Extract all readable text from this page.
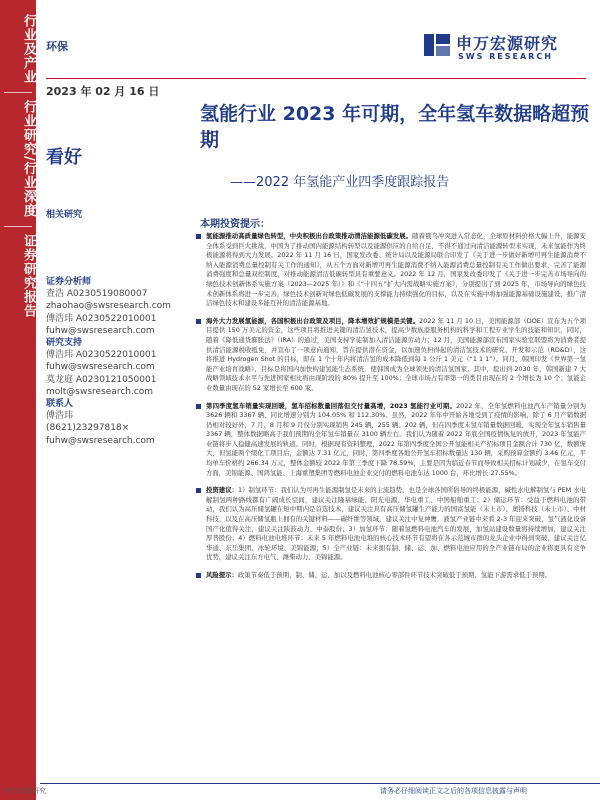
行业及产业
行业研究/行业深度
证券研究报告
环保	申万宏源研究
SWS RESEARCH
2023 年 02 月 16 日
看好
相关研究
氢能行业 2023 年可期，全年氢车数据略超预期
——2022 年氢能产业四季度跟踪报告
证券分析师
查浩 A0230519080007
zhaohao@swsresearch.com
傅浩玮 A0230522010001
fuhw@swsresearch.com
研究支持
傅浩玮 A0230522010001
fuhw@swsresearch.com
莫龙庭 A0230121050001
molt@swsresearch.com
联系人
傅浩玮
(8621)23297818×
fuhw@swsresearch.com
本期投资提示：
氢能源推动高质量绿色转型，中央积极出台政策推动清洁能源低碳发展。随着俄乌冲突进入常态化，全球原材料价格大幅上升，能源安全体系受到巨大挑战，中国为了推动国内能源结构转型以及能源供应的自给自足，不得不通过向清洁能源转型来实现，未来氢能作为终极能源将得到大力发展。2022 年 11 月 16 日，国家发改委、统计局以及能源局联合印发了《关于进一步做好新增可再生能源消费不纳入能源消费总量控制有关工作的通知》，从五个方面对新增可再生能源消费不纳入能源消费总量控制有关工作做出要求，完善了能源消费强度和总量双控制度，对推动能源清洁低碳转型具有重要意义。2022 年 12 月，国家发改委印发了《关于进一步完善市场导向的绿色技术创新体系实施方案（2023—2025 年）》和《“十四五”扩大内需战略实施方案》，分别提出了到 2025 年，市场导向的绿色技术创新体系将进一步完善，绿色技术创新对绿色低碳发展的支撑能力持续强化的目标，以及在实施中将加强能源基础设施建设，推广清洁绿色技术和建设多能互补的清洁能源基地。
海外大力发展氢能源，各国积极出台政策及项目，降本增效扩规模是关键。2022 年 11 月 10 日，美国能源部（DOE）宣布为五个项目提供 150 万美元的资金，这些项目将推进关键的清洁氢技术，提高少数族裔服务机构的科学和工程专业学生的技能和知识，同时，随着《降低通货膨胀法》（IRA）的通过，美国支持学徒制加入清洁能源劳动力；12 月，美国能源部宣布国家实验室联盟将为消费者提供清洁能源税收抵免，并宣布了一项意向通知，旨在提供潜在资金，以加速负担得起的清洁氢技术的研究、开发和示范（RD&D），这将推进 Hydrogen Shot 的目标，即在 1 个十年内将清洁氢的成本降低到每 1 公斤 1 美元（“1 1 1”）。同月，韩国印发《世界第一氢能产业培育战略》，目标是将国内加快构建氢能生态系统，使韩国成为全球领先的清洁氢国家。其中，提出到 2030 年，韩国新建 7 大战略领域技术水平与先进国家相比将由现阶段的 80% 提升至 100%；全球市场占有率第一的类目由现在的 2 个增长为 10 个；氢能企业数量由现在的 52 家增长至 600 家。
第四季度氢车销量实现回暖，氢车招标数量回落但交付量高增，2023 氢能行业可期。2022 年，全年氢燃料电池汽车产销量分别为 3626 辆和 3367 辆，同比增速分别为 104.05% 和 112.30%。虽然，2022 年年中开始各地受到了疫情的影响，除了 6 月产销数据仍相对较好外，7 月、8 月和 9 月仅分别实现销售 245 辆、255 辆、202 辆，但在四季度末氢车销量数据回暖，实现全年氢车销售量 3367 辆，整体数据略高于我们预期的全年氢车销量在 3100 辆左右。我们认为随着 2022 年底全国疫情恢复的放开，2023 年氢能产业链将步入稳健高速发展的轨道。同时，根据现有资料整理，2022 年第四季度全国公开氢能相关产招标项目金额合计 730 亿，数额庞大，但氢能两个缀化工项目后，金额达 7.31 亿元，同时，第四季度各地公开氢车招标数量达 130 辆，采购预算金额约 3.46 亿元，平均单车价格约 266.34 万元，整体金额较 2022 年第三季度下降 78.59%，主要是因为临近春节而导致相关招标计划减少，在氢车交付方面，美锦能源、国鸿氢能、上海重塑集团等燃料电池企业交付的燃料电池车达 1000 台，环比增长 27.55%。
投资建议：1）制氢环节：我们认为可再生能源制氢是未来的主流趋势，也是全球各国所倡导的终极能源，碱性水电解制氢与 PEM 水电解制氢两种路线都有广阔成长空间，建议关注隆基绿能、阳光电源、华电重工、中国船舶重工；2）储运环节：受益于燃料电池的带动，我们认为高压储氢罐在短中期内是首选技术，建议关注具有高压储氢罐生产能力的国富氢能（未上市）、奥扬科技（未上市）、中材科技，以及在高压储氢瓶上拥有的关键材料——碳纤维等领域，建议关注中复神鹰，液氢产业链中来看 2-3 年迎来突破，氢气液化设备国产化值得关注，建议关注陕鼓动力、中泰股份；3）加氢环节：随着氢燃料电池汽车的发展，加氢站建设数量将持续增加，建议关注厚普股份；4）燃料电池电堆环节：未来 5 年燃料电池电堆的核心技术环节有望将在各示范城市群的龙头企业中得到突破，建议关注亿华通、东岳集团、冰轮环境、美锦能源；5）全产业链：未来拥有制、储、运、加、燃料电池应用的全产业链布局的企业将更具有竞争优势，建议关注东方电气、潍柴动力、美锦能源。
风险提示：政策节奏低于预期，制、储、运、加以及燃料电池核心零部件环节技术突破低于预期，氢能下游需求低于预期。
申万宏源研究	请务必仔细阅读正文之后的各项信息披露与声明
